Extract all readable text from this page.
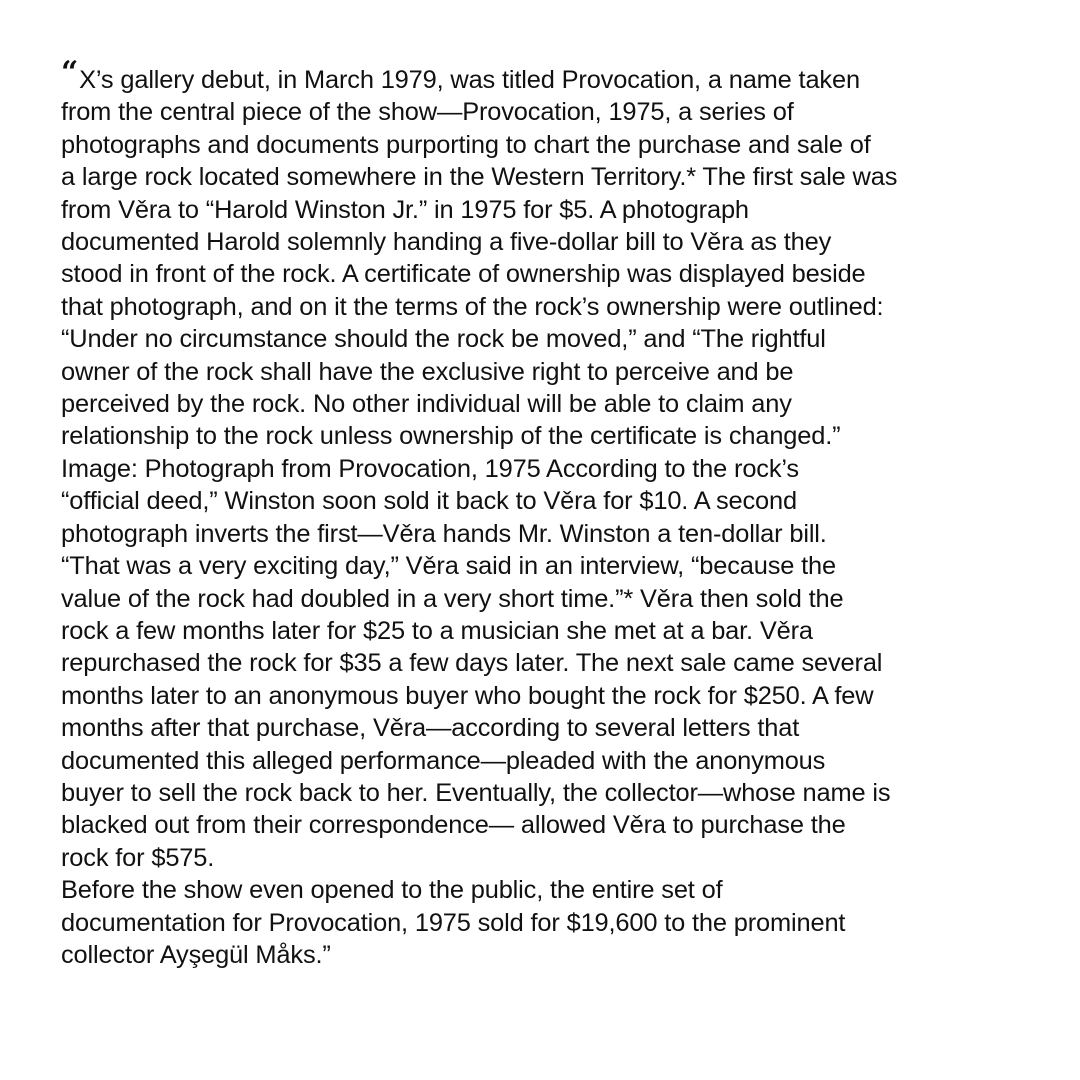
“X’s gallery debut, in March 1979, was titled Provocation, a name taken
from the central piece of the show—Provocation, 1975, a series of
photographs and documents purporting to chart the purchase and sale of
a large rock located somewhere in the Western Territory.* The first sale was
from Věra to “Harold Winston Jr.” in 1975 for $5. A photograph
documented Harold solemnly handing a five-dollar bill to Věra as they
stood in front of the rock. A certificate of ownership was displayed beside
that photograph, and on it the terms of the rock’s ownership were outlined:
“Under no circumstance should the rock be moved,” and “The rightful
owner of the rock shall have the exclusive right to perceive and be
perceived by the rock. No other individual will be able to claim any
relationship to the rock unless ownership of the certificate is changed.”
Image: Photograph from Provocation, 1975 According to the rock’s
“official deed,” Winston soon sold it back to Věra for $10. A second
photograph inverts the first—Věra hands Mr. Winston a ten-dollar bill.
“That was a very exciting day,” Věra said in an interview, “because the
value of the rock had doubled in a very short time.”* Věra then sold the
rock a few months later for $25 to a musician she met at a bar. Věra
repurchased the rock for $35 a few days later. The next sale came several
months later to an anonymous buyer who bought the rock for $250. A few
months after that purchase, Věra—according to several letters that
documented this alleged performance—pleaded with the anonymous
buyer to sell the rock back to her. Eventually, the collector—whose name is
blacked out from their correspondence— allowed Věra to purchase the
rock for $575.
Before the show even opened to the public, the entire set of
documentation for Provocation, 1975 sold for $19,600 to the prominent
collector Ayşegül Måks.”
